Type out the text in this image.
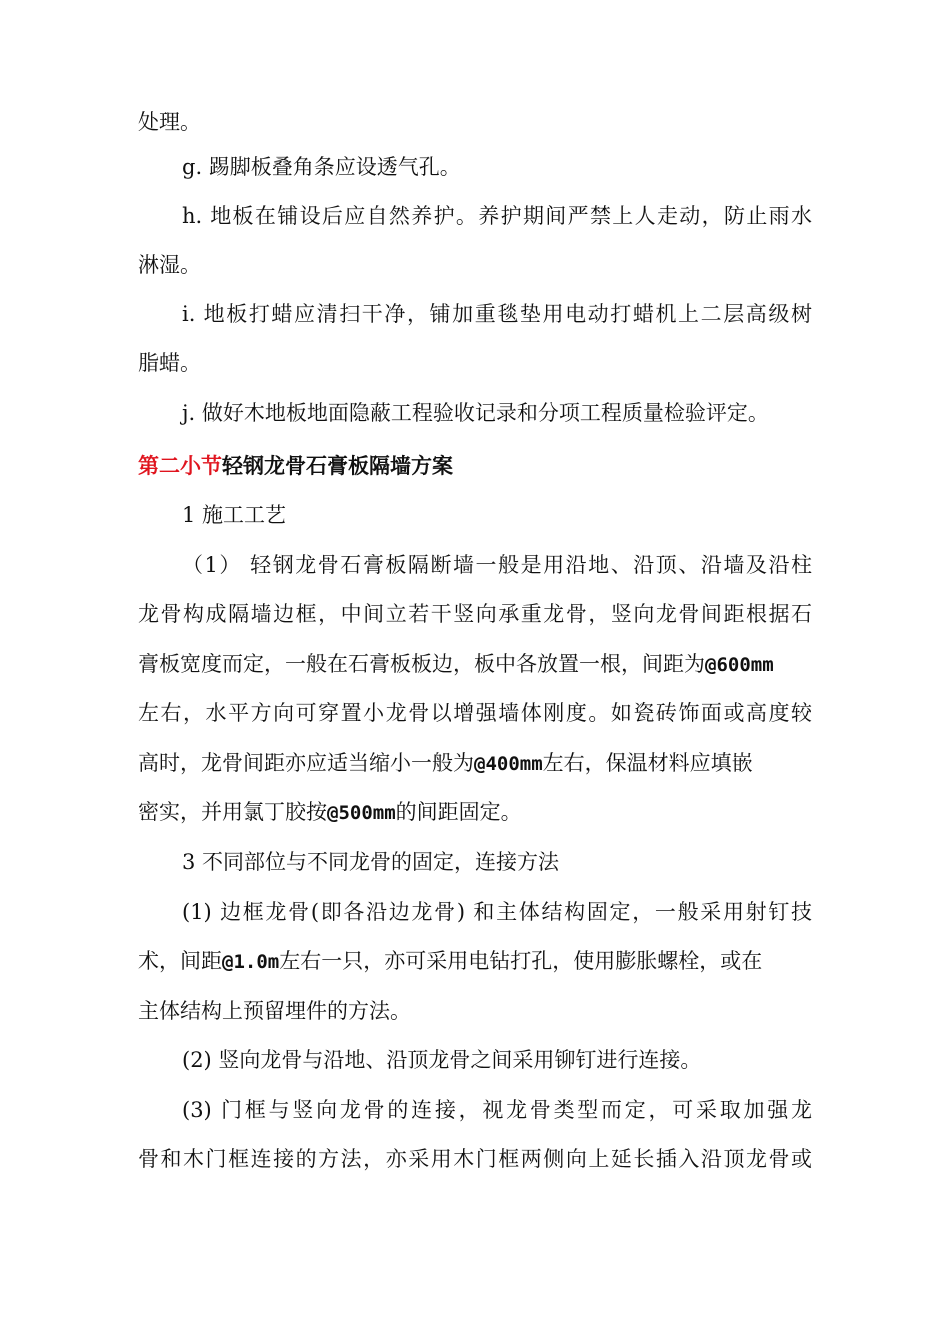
处理。
g. 踢脚板叠角条应设透气孔。
h. 地板在铺设后应自然养护。养护期间严禁上人走动，防止雨水
淋湿。
i. 地板打蜡应清扫干净，铺加重毯垫用电动打蜡机上二层高级树
脂蜡。
j. 做好木地板地面隐蔽工程验收记录和分项工程质量检验评定。
第二小节轻钢龙骨石膏板隔墙方案
1 施工工艺
（1） 轻钢龙骨石膏板隔断墙一般是用沿地、沿顶、沿墙及沿柱
龙骨构成隔墙边框，中间立若干竖向承重龙骨，竖向龙骨间距根据石
膏板宽度而定，一般在石膏板板边，板中各放置一根，间距为@600mm
左右，水平方向可穿置小龙骨以增强墙体刚度。如瓷砖饰面或高度较
高时，龙骨间距亦应适当缩小一般为@400mm左右，保温材料应填嵌
密实，并用氯丁胶按@500mm的间距固定。
3 不同部位与不同龙骨的固定，连接方法
(1) 边框龙骨(即各沿边龙骨) 和主体结构固定，一般采用射钉技
术，间距@1.0m左右一只，亦可采用电钻打孔，使用膨胀螺栓，或在
主体结构上预留埋件的方法。
(2) 竖向龙骨与沿地、沿顶龙骨之间采用铆钉进行连接。
(3) 门框与竖向龙骨的连接，视龙骨类型而定，可采取加强龙
骨和木门框连接的方法，亦采用木门框两侧向上延长插入沿顶龙骨或
